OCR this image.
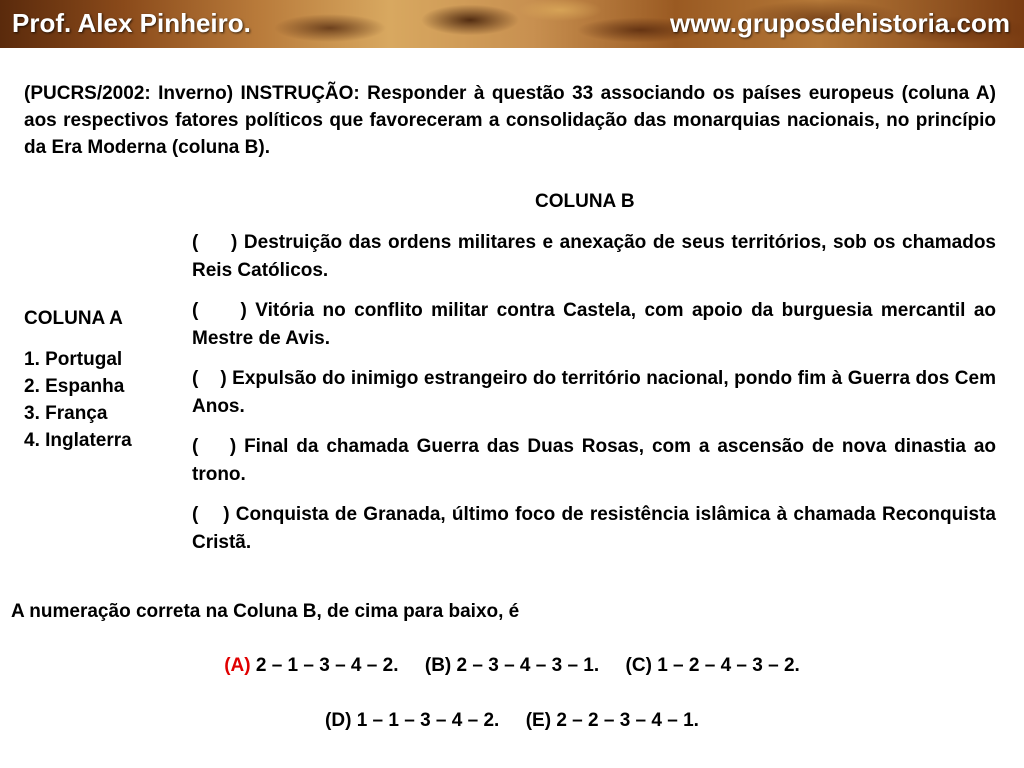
Prof. Alex Pinheiro.	www.gruposdehistoria.com
(PUCRS/2002: Inverno) INSTRUÇÃO: Responder à questão 33 associando os países europeus (coluna A) aos respectivos fatores políticos que favoreceram a consolidação das monarquias nacionais, no princípio da Era Moderna (coluna B).
COLUNA B
(     ) Destruição das ordens militares e anexação de seus territórios, sob os chamados Reis Católicos.
(     ) Vitória no conflito militar contra Castela, com apoio da burguesia mercantil ao Mestre de Avis.
(    ) Expulsão do inimigo estrangeiro do território nacional, pondo fim à Guerra dos Cem Anos.
(    ) Final da chamada Guerra das Duas Rosas, com a ascensão de nova dinastia ao trono.
(    ) Conquista de Granada, último foco de resistência islâmica à chamada Reconquista Cristã.
COLUNA A
1. Portugal
2. Espanha
3. França
4. Inglaterra
A numeração correta na Coluna B, de cima para baixo, é
(A) 2 – 1 – 3 – 4 – 2. (B) 2 – 3 – 4 – 3 – 1. (C) 1 – 2 – 4 – 3 – 2.
(D) 1 – 1 – 3 – 4 – 2. (E) 2 – 2 – 3 – 4 – 1.
